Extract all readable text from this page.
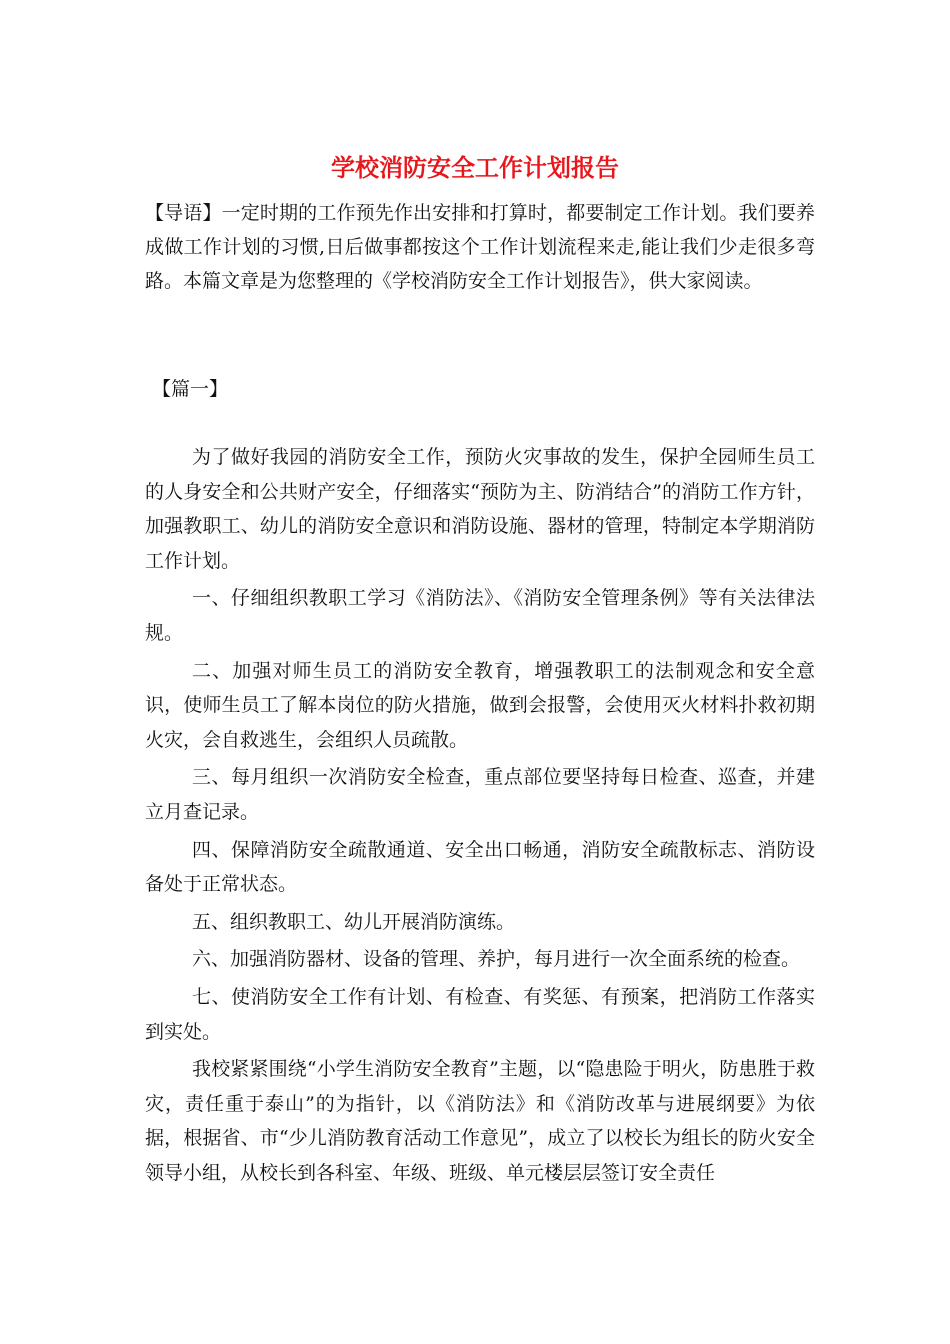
学校消防安全工作计划报告

【导语】一定时期的工作预先作出安排和打算时，都要制定工作计划。我们要养成做工作计划的习惯,日后做事都按这个工作计划流程来走,能让我们少走很多弯路。本篇文章是为您整理的《学校消防安全工作计划报告》，供大家阅读。

【篇一】

为了做好我园的消防安全工作，预防火灾事故的发生，保护全园师生员工的人身安全和公共财产安全，仔细落实“预防为主、防消结合”的消防工作方针，加强教职工、幼儿的消防安全意识和消防设施、器材的管理，特制定本学期消防工作计划。

一、仔细组织教职工学习《消防法》、《消防安全管理条例》等有关法律法规。

二、加强对师生员工的消防安全教育，增强教职工的法制观念和安全意识，使师生员工了解本岗位的防火措施，做到会报警，会使用灭火材料扑救初期火灾，会自救逃生，会组织人员疏散。

三、每月组织一次消防安全检查，重点部位要坚持每日检查、巡查，并建立月查记录。

四、保障消防安全疏散通道、安全出口畅通，消防安全疏散标志、消防设备处于正常状态。

五、组织教职工、幼儿开展消防演练。

六、加强消防器材、设备的管理、养护，每月进行一次全面系统的检查。

七、使消防安全工作有计划、有检查、有奖惩、有预案，把消防工作落实到实处。

我校紧紧围绕“小学生消防安全教育”主题，以“隐患险于明火，防患胜于救灾，责任重于泰山”的为指针，以《消防法》和《消防改革与进展纲要》为依据，根据省、市“少儿消防教育活动工作意见”，成立了以校长为组长的防火安全领导小组，从校长到各科室、年级、班级、单元楼层层签订安全责任
